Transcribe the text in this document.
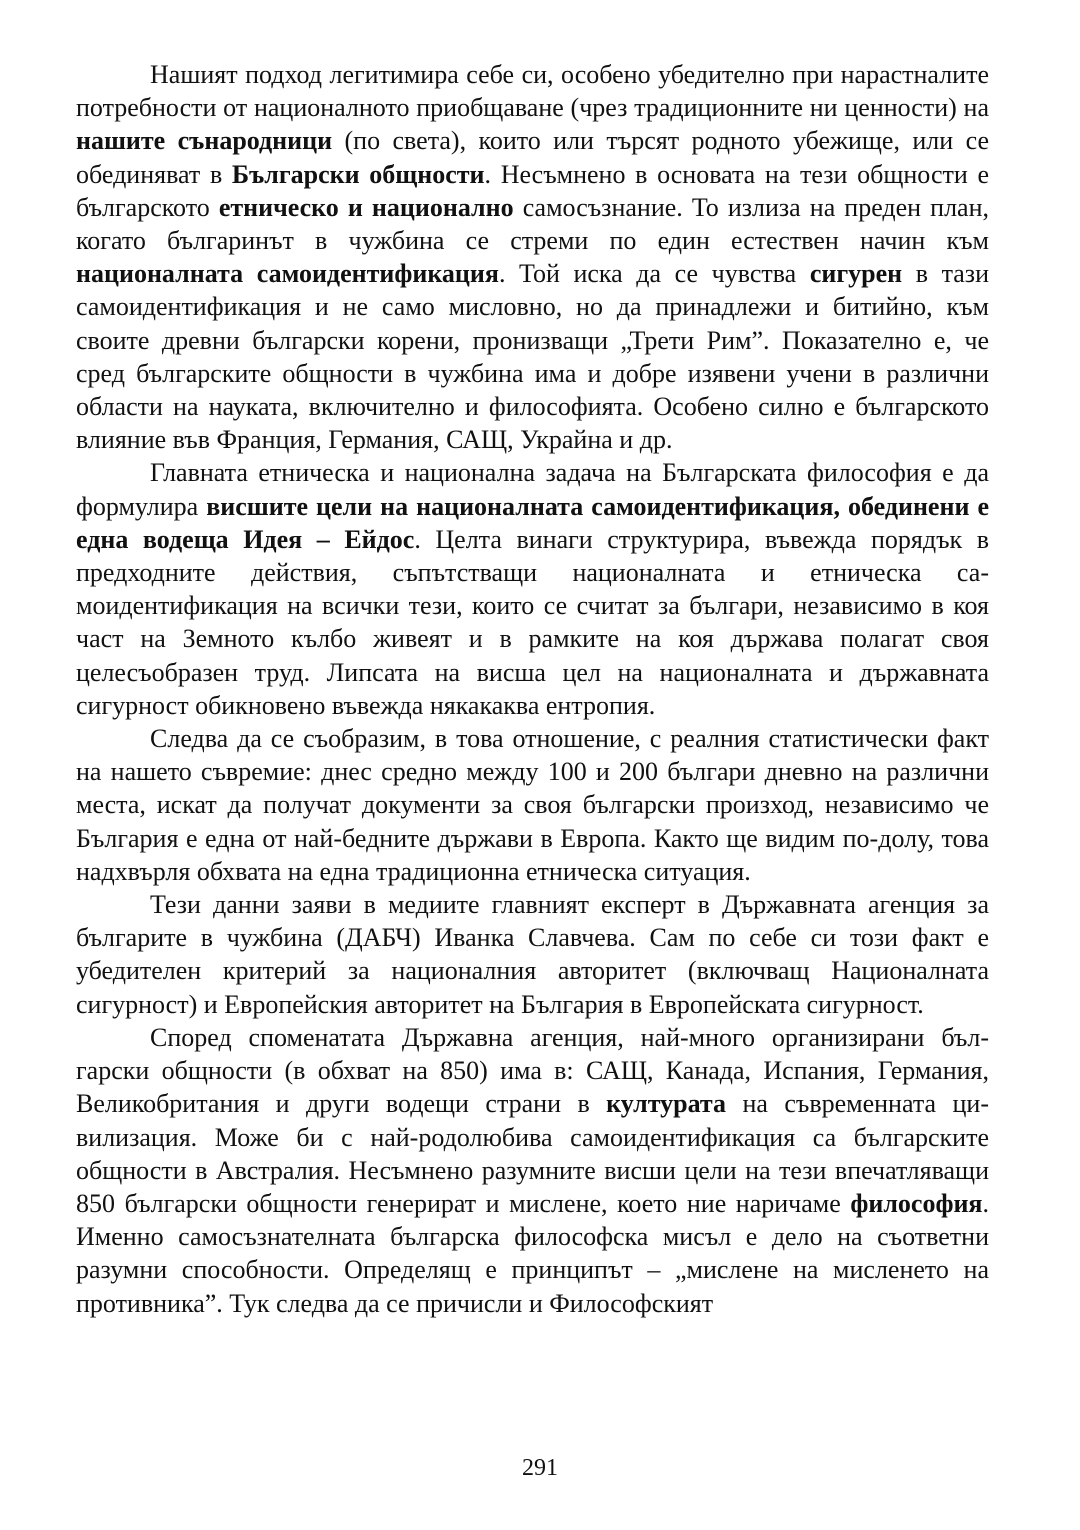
Нашият подход легитимира себе си, особено убедително при нарастналите потребности от националното приобщаване (чрез традиционните ни ценности) на нашите сънародници (по света), които или търсят родното убежище, или се обединяват в Български общности. Несъмнено в основата на тези общности е българското етническо и национално самосъзнание. То излиза на преден план, когато българинът в чужбина се стреми по един естествен начин към националната самоидентификация. Той иска да се чувства сигурен в тази самоидентификация и не само мисловно, но да принадлежи и битийно, към своите древни български корени, пронизващи „Трети Рим”. Показателно е, че сред българските общности в чужбина има и добре изявени учени в различни области на науката, включително и философията. Особено силно е българското влияние във Франция, Германия, САЩ, Украйна и др.

Главната етническа и национална задача на Българската философия е да формулира висшите цели на националната самоидентификация, обединени е една водеща Идея – Ейдос. Целта винаги структурира, въвежда порядък в предходните действия, съпътстващи националната и етническа самоидентификация на всички тези, които се считат за българи, независимо в коя част на Земното кълбо живеят и в рамките на коя държава полагат своя целесъобразен труд. Липсата на висша цел на националната и държавната сигурност обикновено въвежда някакаква ентропия.

Следва да се съобразим, в това отношение, с реалния статистически факт на нашето съвремие: днес средно между 100 и 200 българи дневно на различни места, искат да получат документи за своя български произход, независимо че България е една от най-бедните държави в Европа. Както ще видим по-долу, това надхвърля обхвата на една традиционна етническа ситуация.

Тези данни заяви в медиите главният експерт в Държавната агенция за българите в чужбина (ДАБЧ) Иванка Славчева. Сам по себе си този факт е убедителен критерий за националния авторитет (включващ Националната сигурност) и Европейския авторитет на България в Европейската сигурност.

Според споменатата Държавна агенция, най-много организирани български общности (в обхват на 850) има в: САЩ, Канада, Испания, Германия, Великобритания и други водещи страни в културата на съвременната цивилизация. Може би с най-родолюбива самоидентификация са българските общности в Австралия. Несъмнено разумните висши цели на тези впечатляващи 850 български общности генерират и мислене, което ние наричаме философия. Именно самосъзнателната българска философска мисъл е дело на съответни разумни способности. Определящ е принципът – „мислене на мисленето на противника”. Тук следва да се причисли и Философският

291
